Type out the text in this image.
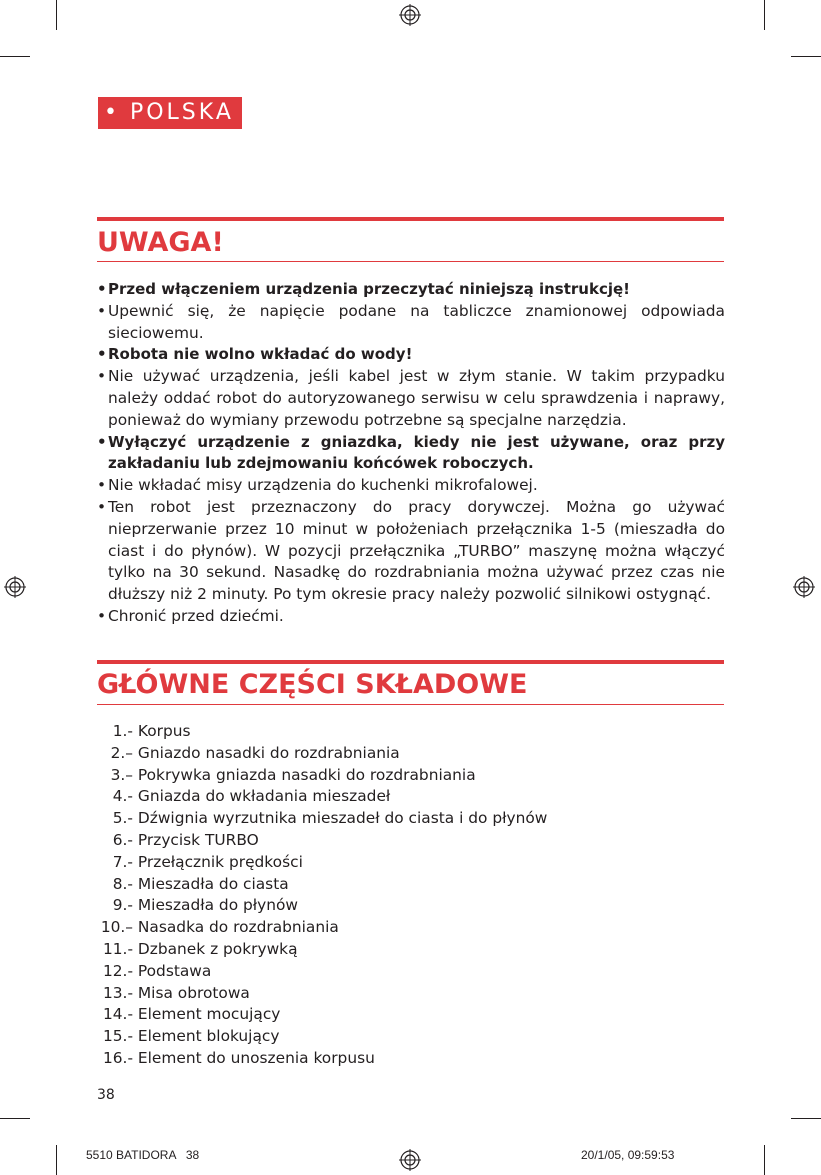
• POLSKA
UWAGA!
• Przed włączeniem urządzenia przeczytać niniejszą instrukcję!
• Upewnić się, że napięcie podane na tabliczce znamionowej odpowiada sieciowemu.
• Robota nie wolno wkładać do wody!
• Nie używać urządzenia, jeśli kabel jest w złym stanie. W takim przypadku należy oddać robot do autoryzowanego serwisu w celu sprawdzenia i naprawy, ponieważ do wymiany przewodu potrzebne są specjalne narzędzia.
• Wyłączyć urządzenie z gniazdka, kiedy nie jest używane, oraz przy zakładaniu lub zdejmowaniu końcówek roboczych.
• Nie wkładać misy urządzenia do kuchenki mikrofalowej.
• Ten robot jest przeznaczony do pracy dorywczej. Można go używać nieprzerwanie przez 10 minut w położeniach przełącznika 1-5 (mieszadła do ciast i do płynów). W pozycji przełącznika „TURBO” maszynę można włączyć tylko na 30 sekund. Nasadkę do rozdrabniania można używać przez czas nie dłuższy niż 2 minuty. Po tym okresie pracy należy pozwolić silnikowi ostygnąć.
• Chronić przed dziećmi.
GŁÓWNE CZĘŚCI SKŁADOWE
1.- Korpus
2.– Gniazdo nasadki do rozdrabniania
3.– Pokrywka gniazda nasadki do rozdrabniania
4.- Gniazda do wkładania mieszadeł
5.- Dźwignia wyrzutnika mieszadeł do ciasta i do płynów
6.- Przycisk TURBO
7.- Przełącznik prędkości
8.- Mieszadła do ciasta
9.- Mieszadła do płynów
10.– Nasadka do rozdrabniania
11.- Dzbanek z pokrywką
12.- Podstawa
13.- Misa obrotowa
14.- Element mocujący
15.- Element blokujący
16.- Element do unoszenia korpusu
38
5510 BATIDORA   38	20/1/05, 09:59:53
